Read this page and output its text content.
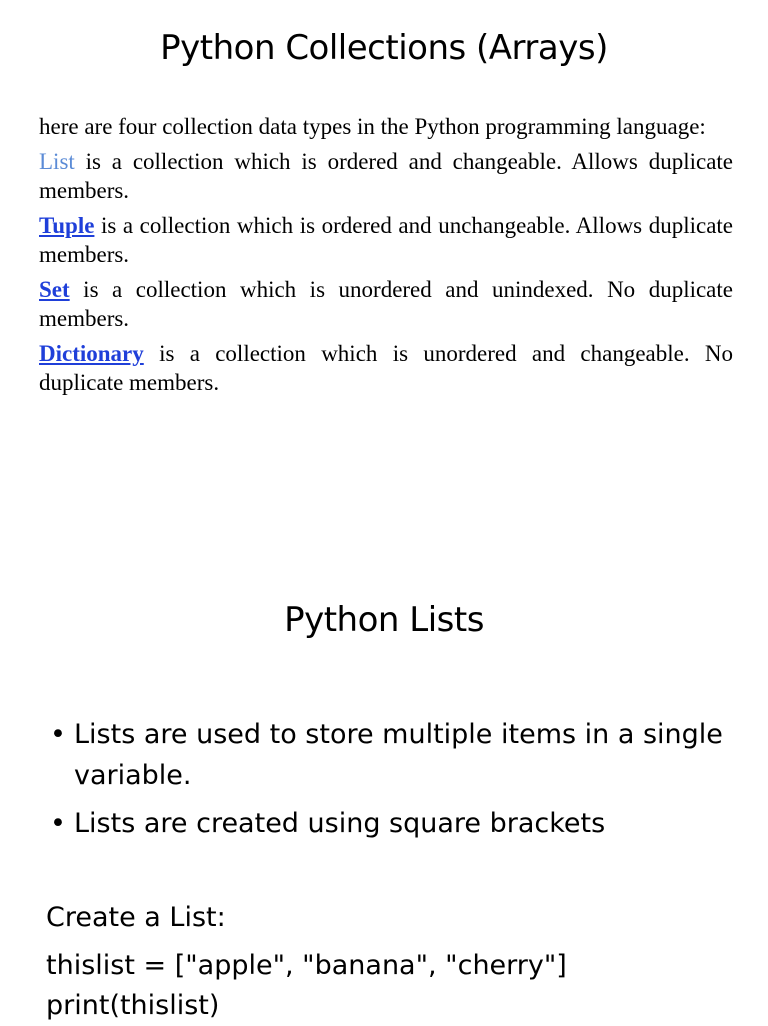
Python Collections (Arrays)

here are four collection data types in the Python programming language:

List is a collection which is ordered and changeable. Allows duplicate members.

Tuple is a collection which is ordered and unchangeable. Allows duplicate members.

Set is a collection which is unordered and unindexed. No duplicate members.

Dictionary is a collection which is unordered and changeable. No duplicate members.

Python Lists
• Lists are used to store multiple items in a single variable.
• Lists are created using square brackets
Create a List:
thislist = ["apple", "banana", "cherry"]
print(thislist)
